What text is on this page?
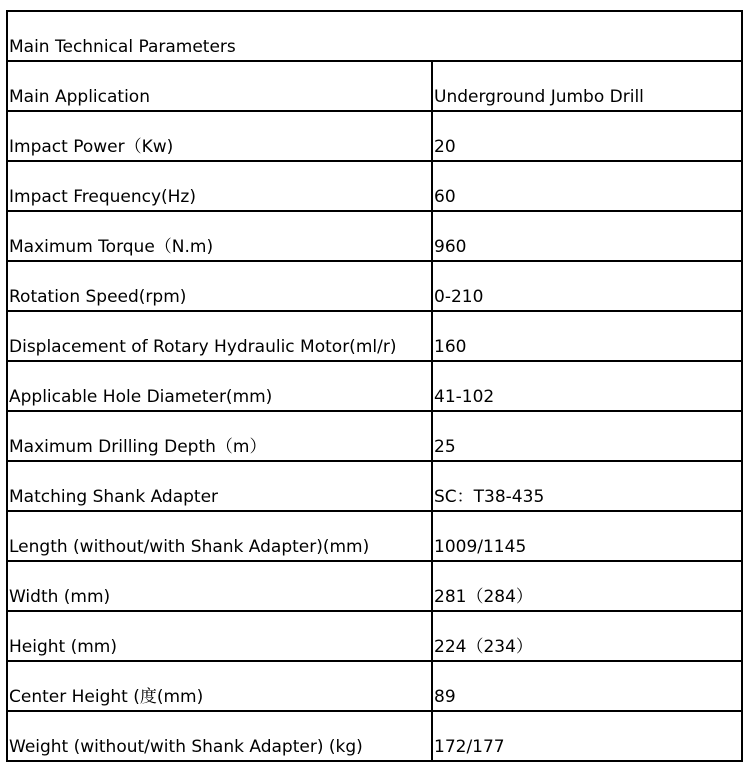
Main Technical Parameters	
Main Application	Underground Jumbo Drill
Impact Power（Kw)	20
Impact Frequency(Hz)	60
Maximum Torque（N.m)	960
Rotation Speed(rpm)	0-210
Displacement of Rotary Hydraulic Motor(ml/r)	160
Applicable Hole Diameter(mm)	41-102
Maximum Drilling Depth（m）	25
Matching Shank Adapter	SC：T38-435
Length (without/with Shank Adapter)(mm)	1009/1145
Width (mm)	281（284）
Height (mm)	224（234）
Center Height (度(mm)	89
Weight (without/with Shank Adapter) (kg)	172/177
